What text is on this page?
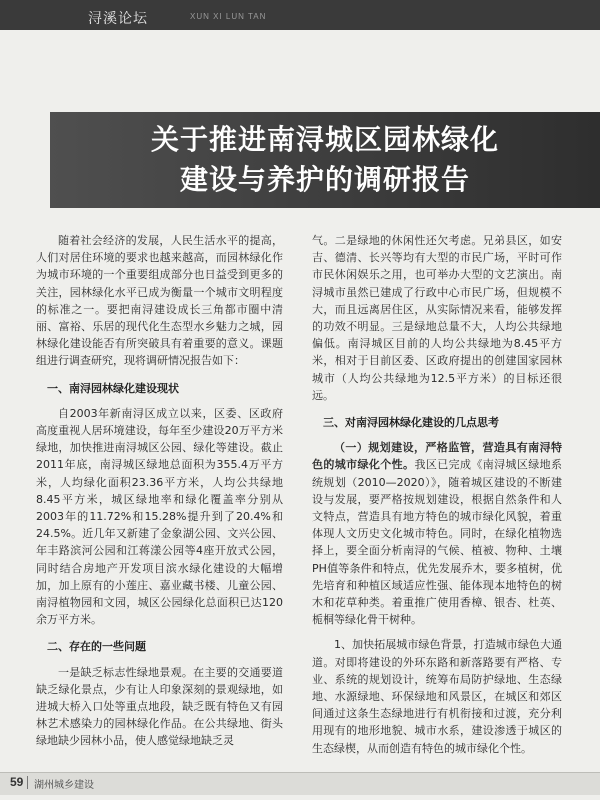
浔溪论坛	XUN XI LUN TAN
关于推进南浔城区园林绿化
建设与养护的调研报告

随着社会经济的发展，人民生活水平的提高，人们对居住环境的要求也越来越高，而园林绿化作为城市环境的一个重要组成部分也日益受到更多的关注，园林绿化水平已成为衡量一个城市文明程度的标准之一。要把南浔建设成长三角都市圈中清丽、富裕、乐居的现代化生态型水乡魅力之城，园林绿化建设能否有所突破具有着重要的意义。课题组进行调查研究，现将调研情况报告如下：

一、南浔园林绿化建设现状

自2003年新南浔区成立以来，区委、区政府高度重视人居环境建设，每年至少建设20万平方米绿地，加快推进南浔城区公园、绿化等建设。截止2011年底，南浔城区绿地总面积为355.4万平方米，人均绿化面积23.36平方米，人均公共绿地8.45平方米，城区绿地率和绿化覆盖率分别从2003年的11.72%和15.28%提升到了20.4%和24.5%。近几年又新建了金象湖公园、文兴公园、年丰路滨河公园和江蒋漾公园等4座开放式公园，同时结合房地产开发项目滨水绿化建设的大幅增加，加上原有的小莲庄、嘉业藏书楼、儿童公园、南浔植物园和文园，城区公园绿化总面积已达120余万平方米。

二、存在的一些问题

一是缺乏标志性绿地景观。在主要的交通要道缺乏绿化景点，少有让人印象深刻的景观绿地，如进城大桥入口处等重点地段，缺乏既有特色又有园林艺术感染力的园林绿化作品。在公共绿地、街头绿地缺少园林小品，使人感觉绿地缺乏灵

气。二是绿地的休闲性还欠考虑。兄弟县区，如安吉、德清、长兴等均有大型的市民广场，平时可作市民休闲娱乐之用，也可举办大型的文艺演出。南浔城市虽然已建成了行政中心市民广场，但规模不大，而且远离居住区，从实际情况来看，能够发挥的功效不明显。三是绿地总量不大，人均公共绿地偏低。南浔城区目前的人均公共绿地为8.45平方米，相对于目前区委、区政府提出的创建国家园林城市（人均公共绿地为12.5平方米）的目标还很远。

三、对南浔园林绿化建设的几点思考

（一）规划建设，严格监管，营造具有南浔特色的城市绿化个性。我区已完成《南浔城区绿地系统规划（2010—2020）》，随着城区建设的不断建设与发展，要严格按规划建设，根据自然条件和人文特点，营造具有地方特色的城市绿化风貌，着重体现人文历史文化城市特色。同时，在绿化植物选择上，要全面分析南浔的气候、植被、物种、土壤PH值等条件和特点，优先发展乔木，要多植树，优先培育和种植区域适应性强、能体现本地特色的树木和花草种类。着重推广使用香樟、银杏、杜英、栀桐等绿化骨干树种。

1、加快拓展城市绿色背景，打造城市绿色大通道。对即将建设的外环东路和新落路要有严格、专业、系统的规划设计，统筹布局防护绿地、生态绿地、水源绿地、环保绿地和风景区，在城区和郊区间通过这条生态绿地进行有机衔接和过渡，充分利用现有的地形地貌、城市水系，建设渗透于城区的生态绿楔，从而创造有特色的城市绿化个性。

59 湖州城乡建设
